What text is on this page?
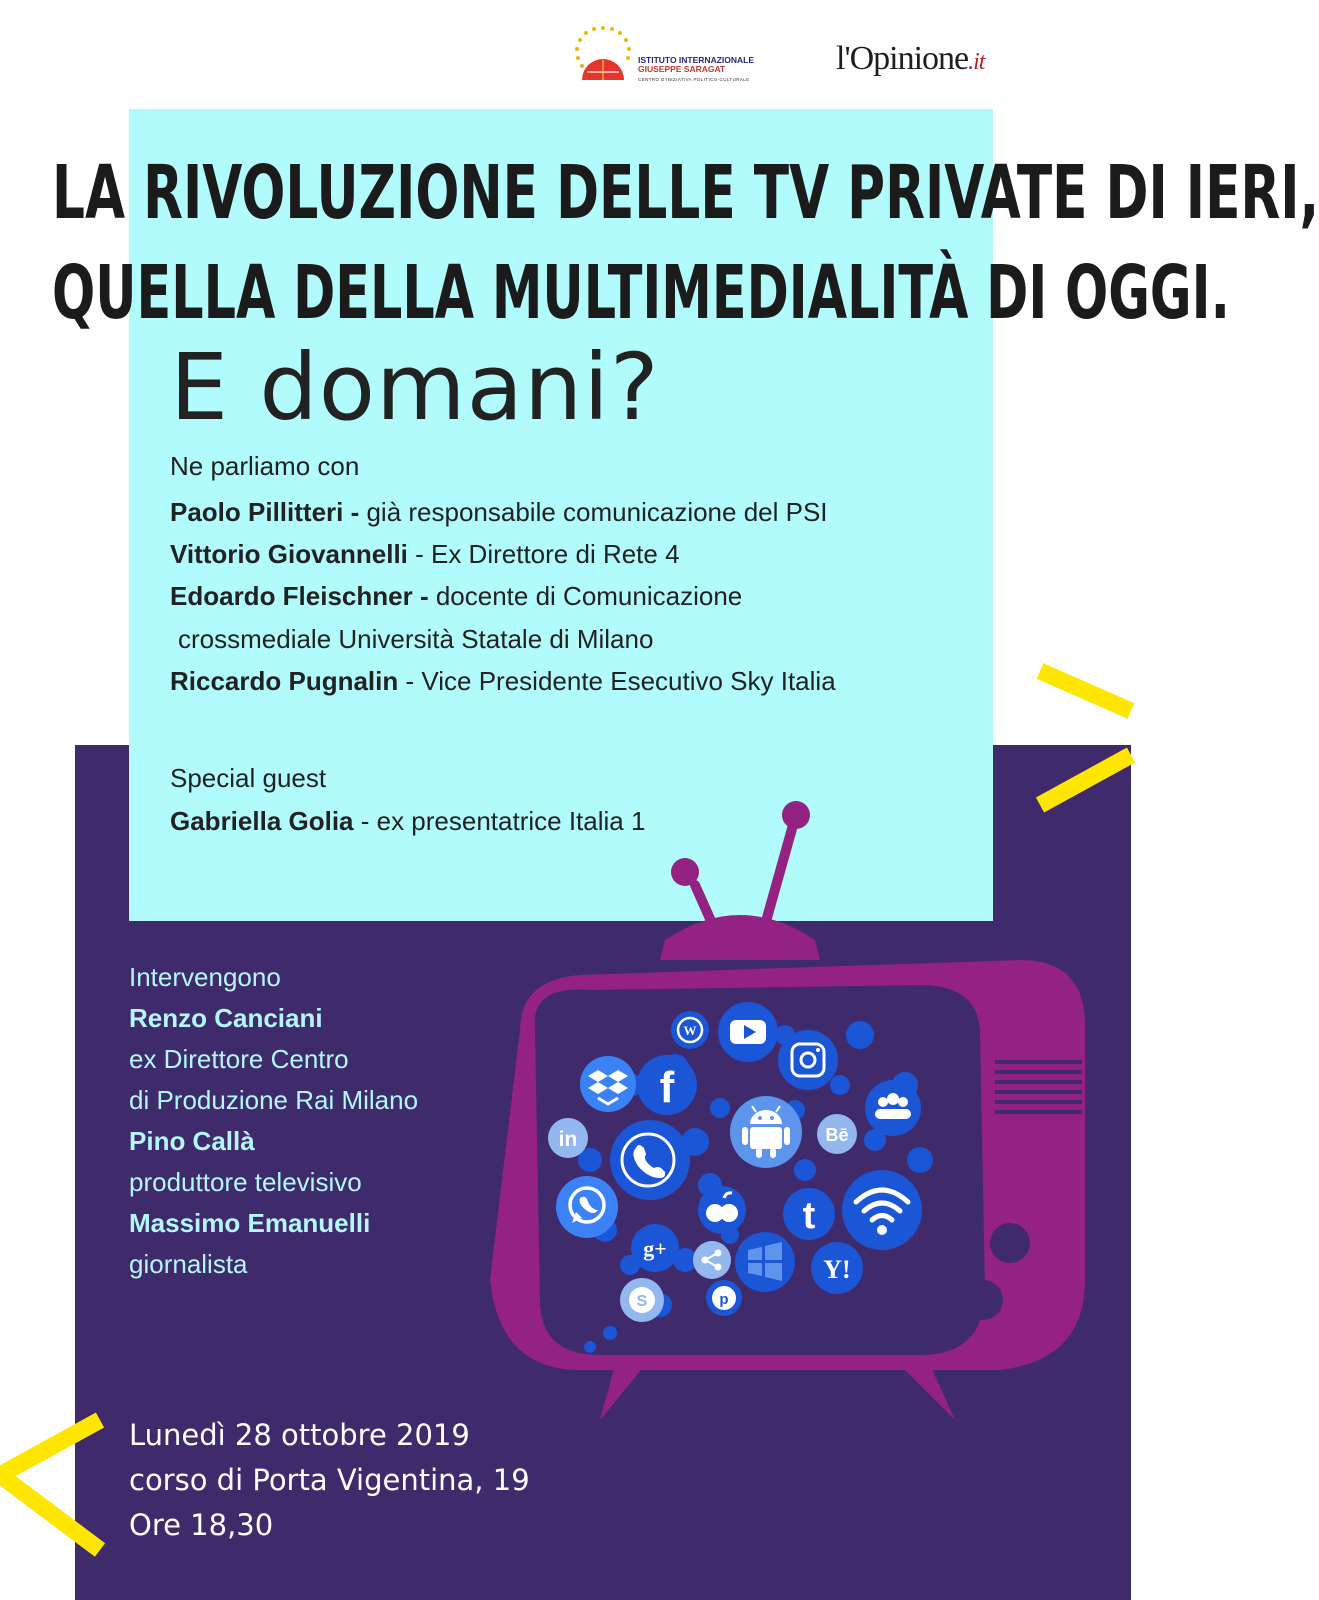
ISTITUTO INTERNAZIONALE
GIUSEPPE SARAGAT
CENTRO D'INIZIATIVA POLITICO-CULTURALE
l'Opinione.it
LA RIVOLUZIONE DELLE TV PRIVATE DI IERI,
QUELLA DELLA MULTIMEDIALITÀ DI OGGI.
E domani?
Ne parliamo con
Paolo Pillitteri - già responsabile comunicazione del PSI
Vittorio Giovannelli - Ex Direttore di Rete 4
Edoardo Fleischner - docente di Comunicazione
crossmediale Università Statale di Milano
Riccardo Pugnalin - Vice Presidente Esecutivo Sky Italia
Special guest
Gabriella Golia - ex presentatrice Italia 1
Intervengono
Renzo Canciani
ex Direttore Centro
di Produzione Rai Milano
Pino Callà
produttore televisivo
Massimo Emanuelli
giornalista
Lunedì 28 ottobre 2019
corso di Porta Vigentina, 19
Ore 18,30
W
f
in	Bē
t
g+
Y!
S	p
